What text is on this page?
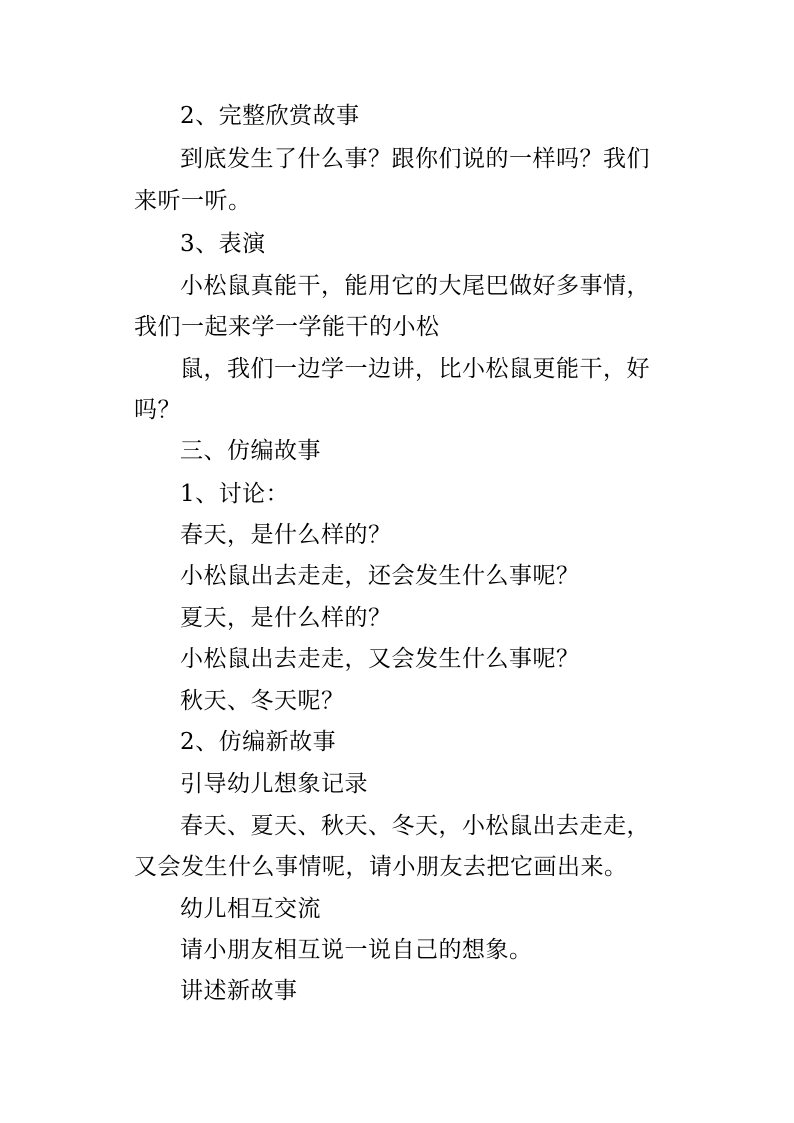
2、完整欣赏故事
到底发生了什么事？跟你们说的一样吗？我们
来听一听。
3、表演
小松鼠真能干，能用它的大尾巴做好多事情，
我们一起来学一学能干的小松
鼠，我们一边学一边讲，比小松鼠更能干，好
吗？
三、仿编故事
1、讨论：
春天，是什么样的？
小松鼠出去走走，还会发生什么事呢？
夏天，是什么样的？
小松鼠出去走走，又会发生什么事呢？
秋天、冬天呢？
2、仿编新故事
引导幼儿想象记录
春天、夏天、秋天、冬天，小松鼠出去走走，
又会发生什么事情呢，请小朋友去把它画出来。
幼儿相互交流
请小朋友相互说一说自己的想象。
讲述新故事
